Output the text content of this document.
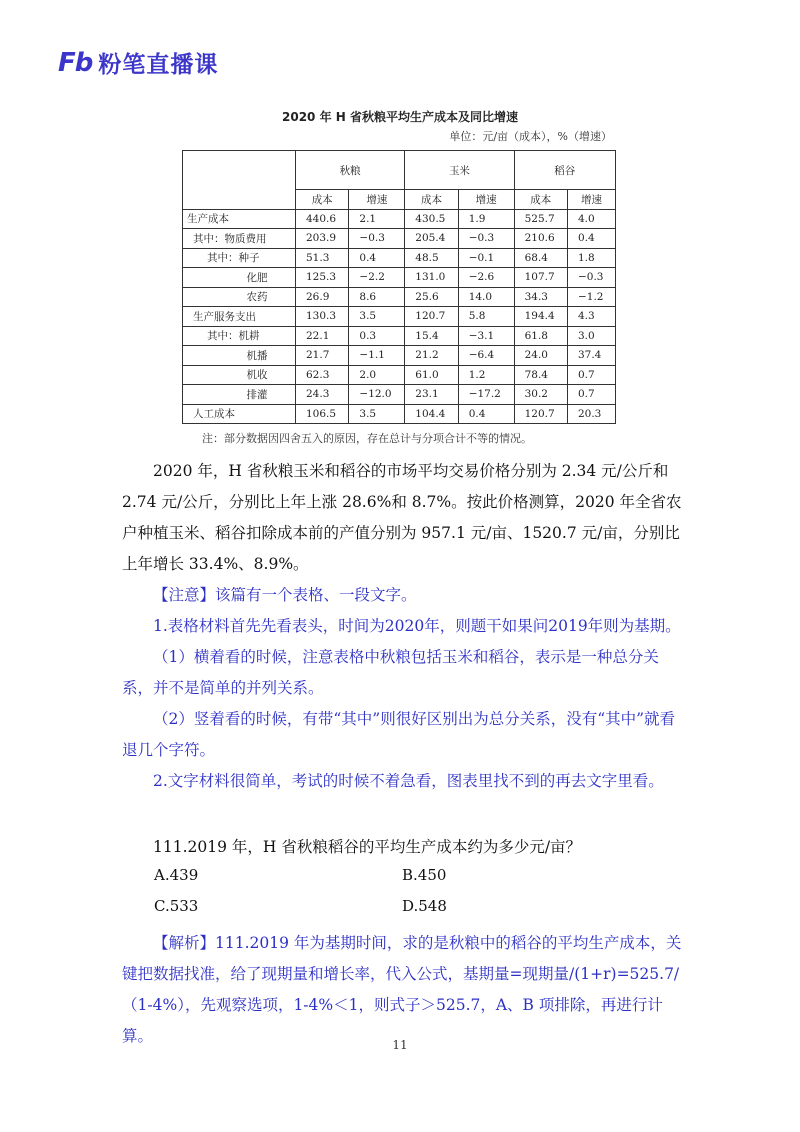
Fb 粉笔直播课
2020 年 H 省秋粮平均生产成本及同比增速
单位：元/亩（成本），%（增速）
	秋粮		玉米		稻谷	
	成本	增速	成本	增速	成本	增速
生产成本	440.6	2.1	430.5	1.9	525.7	4.0
其中：物质费用	203.9	−0.3	205.4	−0.3	210.6	0.4
其中：种子	51.3	0.4	48.5	−0.1	68.4	1.8
化肥	125.3	−2.2	131.0	−2.6	107.7	−0.3
农药	26.9	8.6	25.6	14.0	34.3	−1.2
生产服务支出	130.3	3.5	120.7	5.8	194.4	4.3
其中：机耕	22.1	0.3	15.4	−3.1	61.8	3.0
机播	21.7	−1.1	21.2	−6.4	24.0	37.4
机收	62.3	2.0	61.0	1.2	78.4	0.7
排灌	24.3	−12.0	23.1	−17.2	30.2	0.7
人工成本	106.5	3.5	104.4	0.4	120.7	20.3
注：部分数据因四舍五入的原因，存在总计与分项合计不等的情况。
2020 年，H 省秋粮玉米和稻谷的市场平均交易价格分别为 2.34 元/公斤和 2.74 元/公斤，分别比上年上涨 28.6%和 8.7%。按此价格测算，2020 年全省农户种植玉米、稻谷扣除成本前的产值分别为 957.1 元/亩、1520.7 元/亩，分别比上年增长 33.4%、8.9%。
【注意】该篇有一个表格、一段文字。
1.表格材料首先先看表头，时间为2020年，则题干如果问2019年则为基期。
（1）横着看的时候，注意表格中秋粮包括玉米和稻谷，表示是一种总分关系，并不是简单的并列关系。
（2）竖着看的时候，有带“其中”则很好区别出为总分关系，没有“其中”就看退几个字符。
2.文字材料很简单，考试的时候不着急看，图表里找不到的再去文字里看。
111.2019 年，H 省秋粮稻谷的平均生产成本约为多少元/亩？
A.439	B.450
C.533	D.548
【解析】111.2019 年为基期时间，求的是秋粮中的稻谷的平均生产成本，关键把数据找准，给了现期量和增长率，代入公式，基期量=现期量/(1+r)=525.7/（1-4%），先观察选项，1-4%＜1，则式子＞525.7，A、B 项排除，再进行计算。	11
